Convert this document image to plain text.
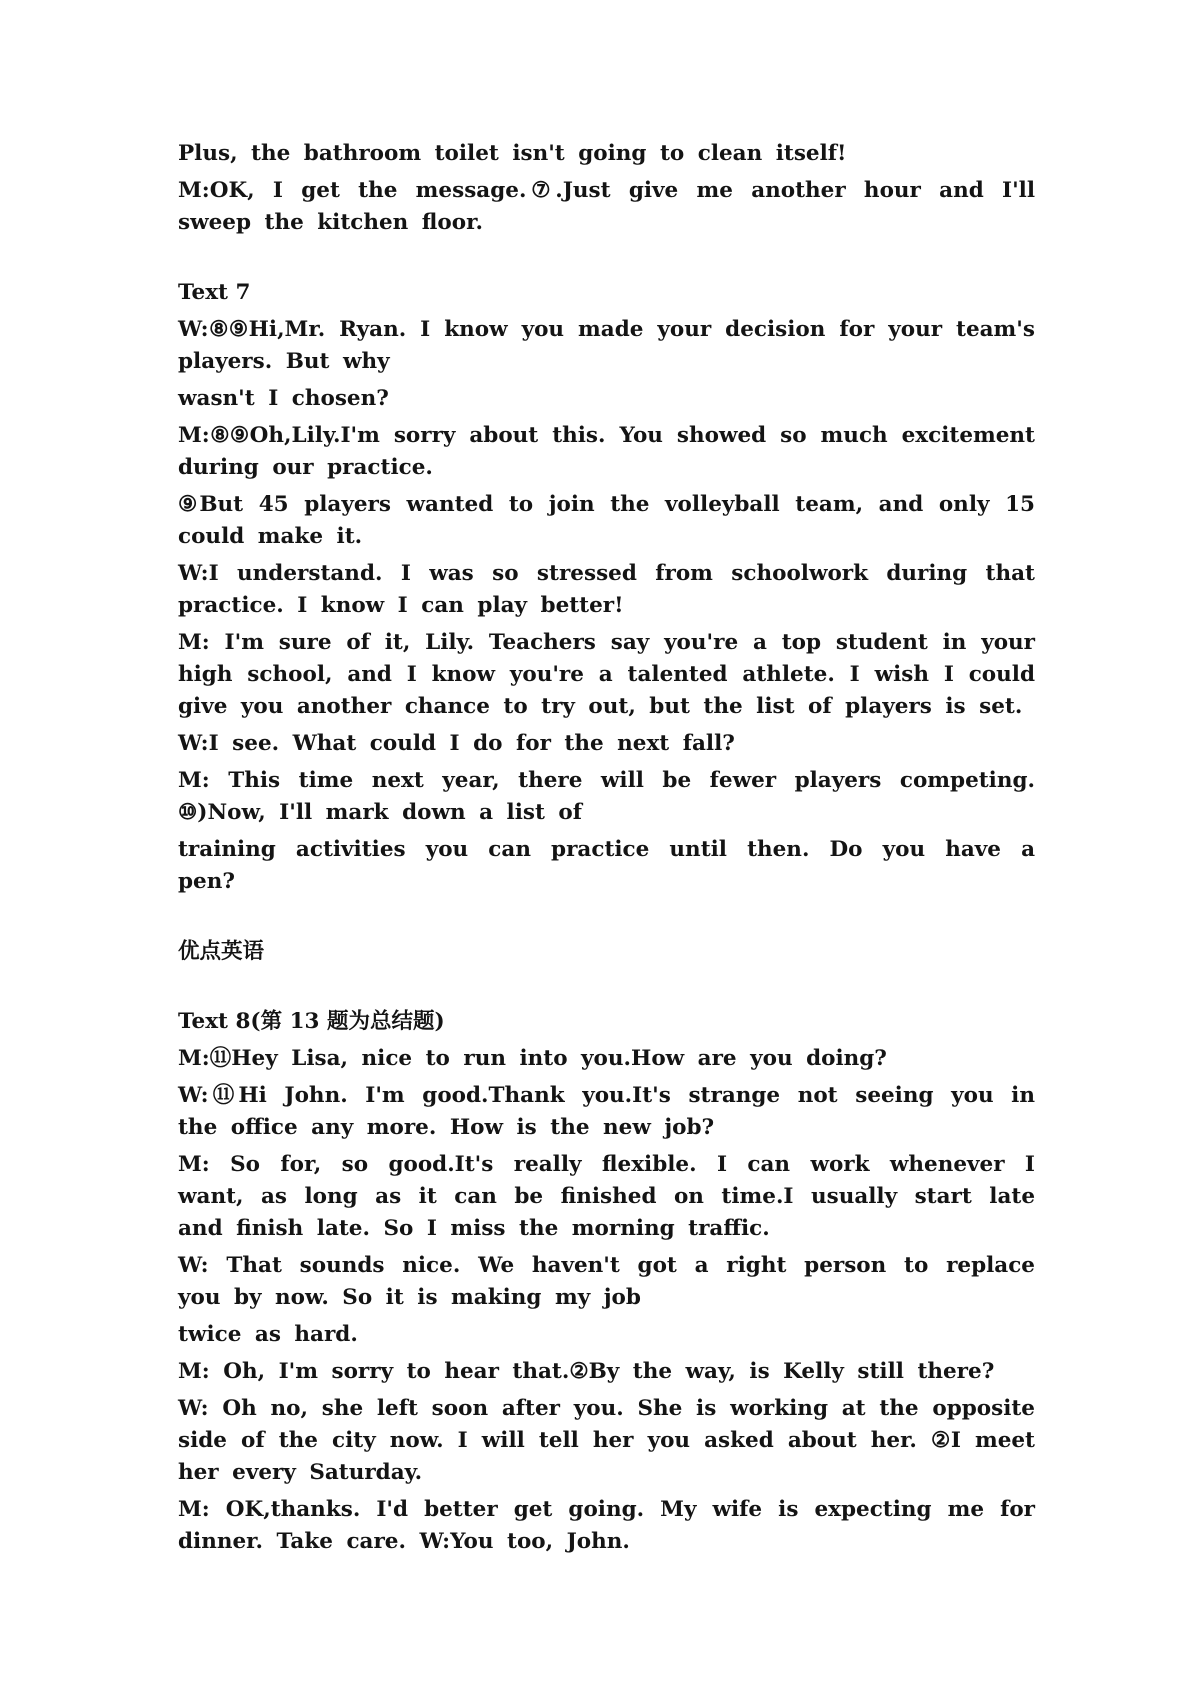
Plus, the bathroom toilet isn't going to clean itself!

M:OK, I get the message.⑦.Just give me another hour and I'll sweep the kitchen floor.

Text 7

W:⑧⑨Hi,Mr. Ryan. I know you made your decision for your team's players. But why

wasn't I chosen?

M:⑧⑨Oh,Lily.I'm sorry about this. You showed so much excitement during our practice.

⑨But 45 players wanted to join the volleyball team, and only 15 could make it.

W:I understand. I was so stressed from schoolwork during that practice. I know I can play better!

M: I'm sure of it, Lily. Teachers say you're a top student in your high school, and I know you're a talented athlete. I wish I could give you another chance to try out, but the list of players is set.

W:I see. What could I do for the next fall?

M: This time next year, there will be fewer players competing. ⑩)Now, I'll mark down a list of

training activities you can practice until then. Do you have a pen?

优点英语

Text 8(第 13 题为总结题)

M:⑪Hey Lisa, nice to run into you.How are you doing?

W:⑪Hi John. I'm good.Thank you.It's strange not seeing you in the office any more. How is the new job?

M: So for, so good.It's really flexible. I can work whenever I want, as long as it can be finished on time.I usually start late and finish late. So I miss the morning traffic.

W: That sounds nice. We haven't got a right person to replace you by now. So it is making my job

twice as hard.

M: Oh, I'm sorry to hear that.②By the way, is Kelly still there?

W: Oh no, she left soon after you. She is working at the opposite side of the city now. I will tell her you asked about her. ②I meet her every Saturday.

M: OK,thanks. I'd better get going. My wife is expecting me for dinner. Take care. W:You too, John.
